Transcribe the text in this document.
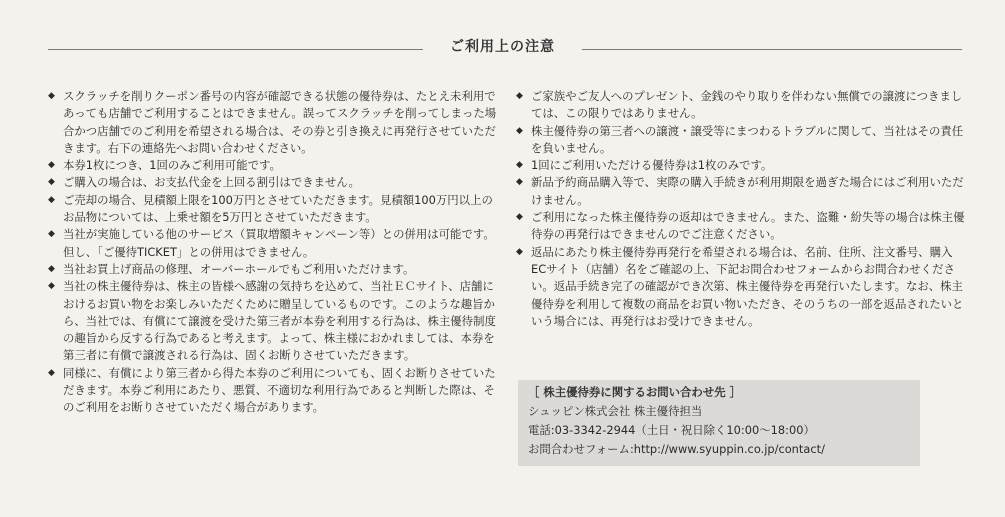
ご利用上の注意

◆ スクラッチを削りクーポン番号の内容が確認できる状態の優待券は、たとえ未利用であっても店舗でご利用することはできません。誤ってスクラッチを削ってしまった場合かつ店舗でのご利用を希望される場合は、その券と引き換えに再発行させていただきます。右下の連絡先へお問い合わせください。

◆ 本券1枚につき、1回のみご利用可能です。

◆ ご購入の場合は、お支払代金を上回る割引はできません。

◆ ご売却の場合、見積額上限を100万円とさせていただきます。見積額100万円以上のお品物については、上乗せ額を5万円とさせていただきます。

◆ 当社が実施している他のサービス（買取増額キャンペーン等）との併用は可能です。但し、「ご優待TICKET」との併用はできません。

◆ 当社お買上げ商品の修理、オーバーホールでもご利用いただけます。

◆ 当社の株主優待券は、株主の皆様へ感謝の気持ちを込めて、当社ＥＣサイト、店舗におけるお買い物をお楽しみいただくために贈呈しているものです。このような趣旨から、当社では、有償にて譲渡を受けた第三者が本券を利用する行為は、株主優待制度の趣旨から反する行為であると考えます。よって、株主様におかれましては、本券を第三者に有償で譲渡される行為は、固くお断りさせていただきます。

◆ 同様に、有償により第三者から得た本券のご利用についても、固くお断りさせていただきます。本券ご利用にあたり、悪質、不適切な利用行為であると判断した際は、そのご利用をお断りさせていただく場合があります。

◆ ご家族やご友人へのプレゼント、金銭のやり取りを伴わない無償での譲渡につきましては、この限りではありません。

◆ 株主優待券の第三者への譲渡・譲受等にまつわるトラブルに関して、当社はその責任を負いません。

◆ 1回にご利用いただける優待券は1枚のみです。

◆ 新品予約商品購入等で、実際の購入手続きが利用期限を過ぎた場合にはご利用いただけません。

◆ ご利用になった株主優待券の返却はできません。また、盗難・紛失等の場合は株主優待券の再発行はできませんのでご注意ください。

◆ 返品にあたり株主優待券再発行を希望される場合は、名前、住所、注文番号、購入ECサイト（店舗）名をご確認の上、下記お問合わせフォームからお問合わせください。返品手続き完了の確認ができ次第、株主優待券を再発行いたします。なお、株主優待券を利用して複数の商品をお買い物いただき、そのうちの一部を返品されたいという場合には、再発行はお受けできません。

［ 株主優待券に関するお問い合わせ先 ］
シュッピン株式会社 株主優待担当
電話:03-3342-2944（土日・祝日除く10:00～18:00）
お問合わせフォーム:http://www.syuppin.co.jp/contact/
